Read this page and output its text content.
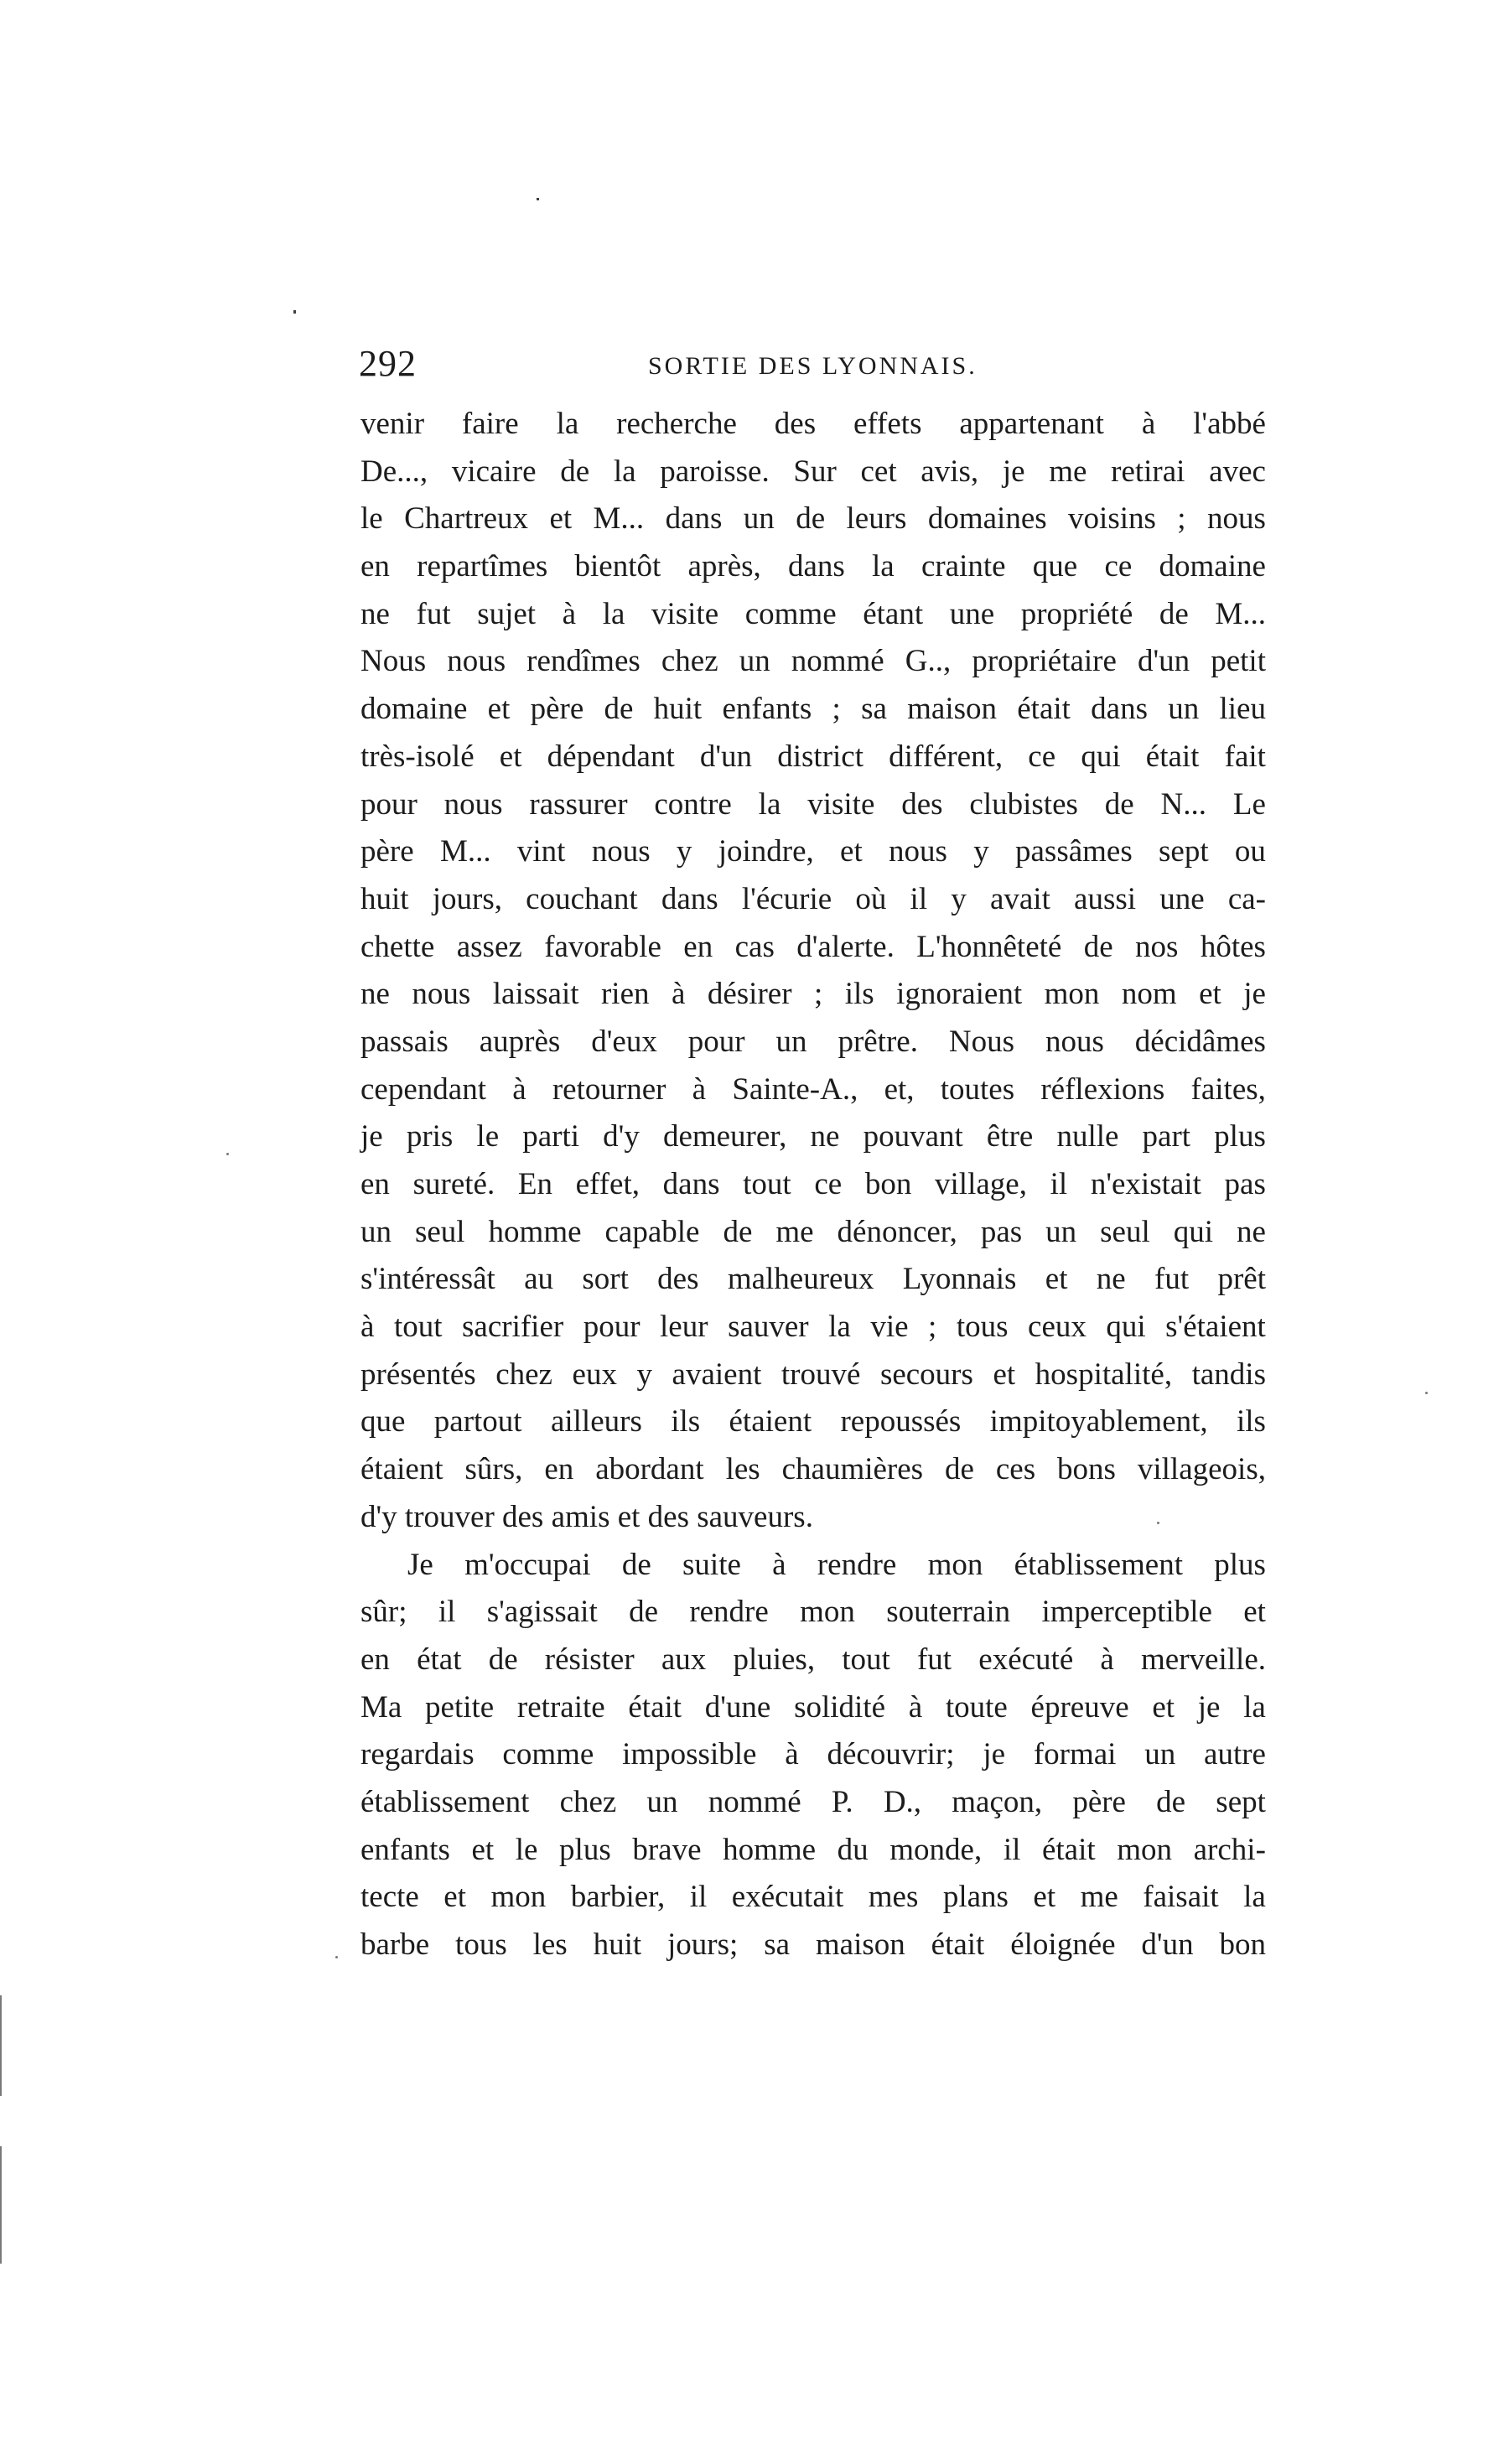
292	SORTIE DES LYONNAIS.
venir faire la recherche des effets appartenant à l'abbé
De..., vicaire de la paroisse. Sur cet avis, je me retirai avec
le Chartreux et M... dans un de leurs domaines voisins ; nous
en repartîmes bientôt après, dans la crainte que ce domaine
ne fut sujet à la visite comme étant une propriété de M...
Nous nous rendîmes chez un nommé G.., propriétaire d'un petit
domaine et père de huit enfants ; sa maison était dans un lieu
très-isolé et dépendant d'un district différent, ce qui était fait
pour nous rassurer contre la visite des clubistes de N... Le
père M... vint nous y joindre, et nous y passâmes sept ou
huit jours, couchant dans l'écurie où il y avait aussi une ca-
chette assez favorable en cas d'alerte. L'honnêteté de nos hôtes
ne nous laissait rien à désirer ; ils ignoraient mon nom et je
passais auprès d'eux pour un prêtre. Nous nous décidâmes
cependant à retourner à Sainte-A., et, toutes réflexions faites,
je pris le parti d'y demeurer, ne pouvant être nulle part plus
en sureté. En effet, dans tout ce bon village, il n'existait pas
un seul homme capable de me dénoncer, pas un seul qui ne
s'intéressât au sort des malheureux Lyonnais et ne fut prêt
à tout sacrifier pour leur sauver la vie ; tous ceux qui s'étaient
présentés chez eux y avaient trouvé secours et hospitalité, tandis
que partout ailleurs ils étaient repoussés impitoyablement, ils
étaient sûrs, en abordant les chaumières de ces bons villageois,
d'y trouver des amis et des sauveurs.
Je m'occupai de suite à rendre mon établissement plus
sûr; il s'agissait de rendre mon souterrain imperceptible et
en état de résister aux pluies, tout fut exécuté à merveille.
Ma petite retraite était d'une solidité à toute épreuve et je la
regardais comme impossible à découvrir; je formai un autre
établissement chez un nommé P. D., maçon, père de sept
enfants et le plus brave homme du monde, il était mon archi-
tecte et mon barbier, il exécutait mes plans et me faisait la
barbe tous les huit jours; sa maison était éloignée d'un bon
